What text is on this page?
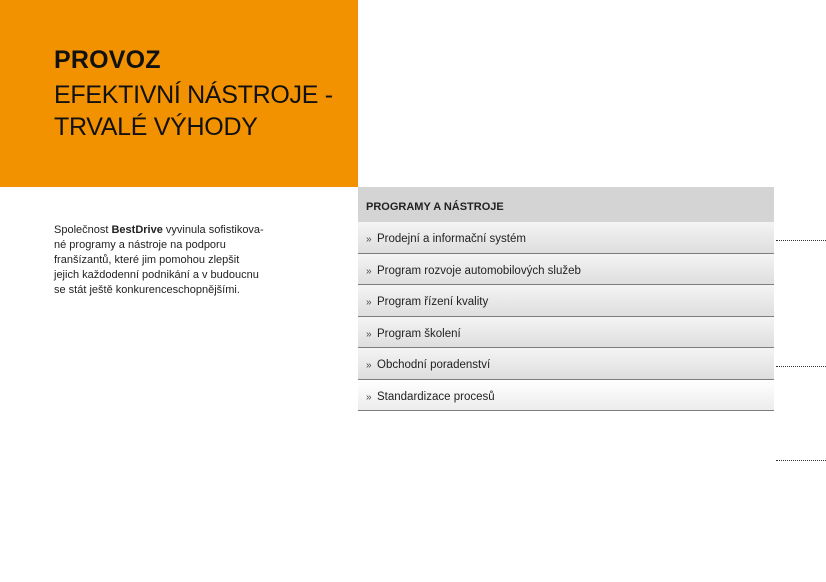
PROVOZ
EFEKTIVNÍ NÁSTROJE -
TRVALÉ VÝHODY
Společnost BestDrive vyvinula sofistikova-
né programy a nástroje na podporu
franšízantů, které jim pomohou zlepšit
jejich každodenní podnikání a v budoucnu
se stát ještě konkurenceschopnějšími.
PROGRAMY A NÁSTROJE
» Prodejní a informační systém
» Program rozvoje automobilových služeb
» Program řízení kvality
» Program školení
» Obchodní poradenství
» Standardizace procesů
